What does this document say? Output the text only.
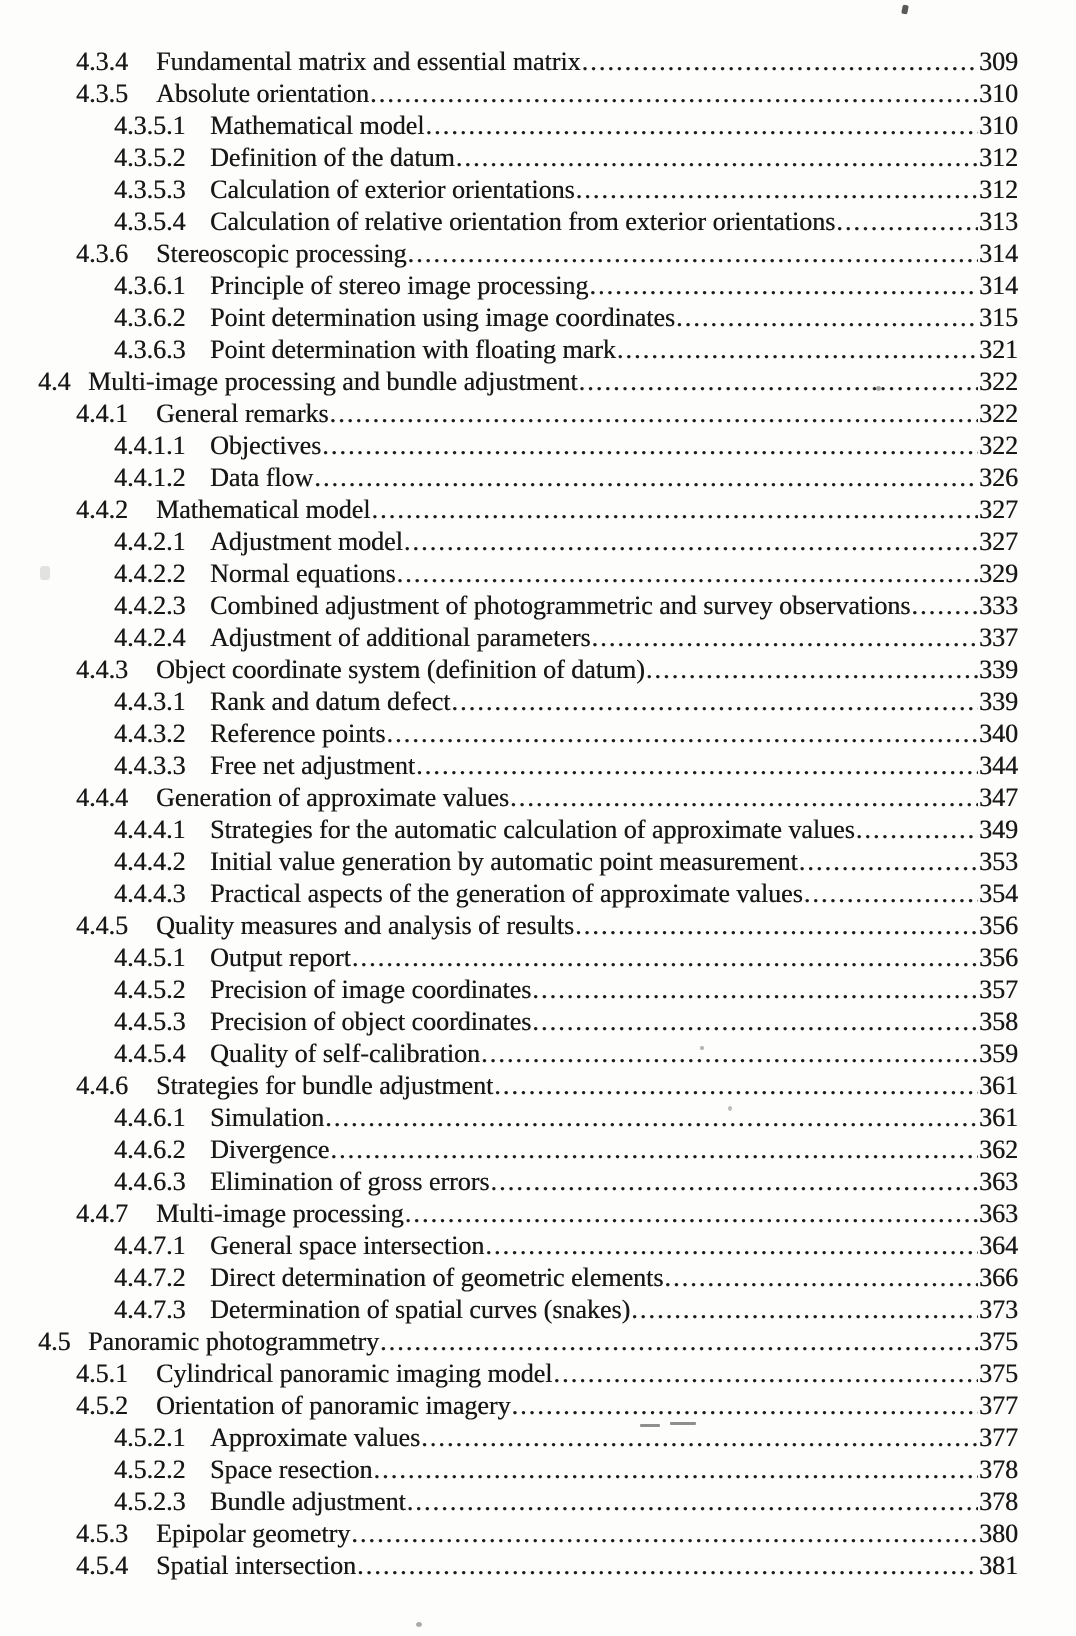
4.3.4	Fundamental matrix and essential matrix .....	309
4.3.5	Absolute orientation .....	310
4.3.5.1 Mathematical model .....	310
4.3.5.2 Definition of the datum .....	312
4.3.5.3 Calculation of exterior orientations .....	312
4.3.5.4 Calculation of relative orientation from exterior orientations .....	313
4.3.6	Stereoscopic processing .....	314
4.3.6.1 Principle of stereo image processing .....	314
4.3.6.2 Point determination using image coordinates .....	315
4.3.6.3 Point determination with floating mark .....	321
4.4 Multi-image processing and bundle adjustment .....	322
4.4.1	General remarks .....	322
4.4.1.1 Objectives .....	322
4.4.1.2 Data flow .....	326
4.4.2	Mathematical model .....	327
4.4.2.1 Adjustment model .....	327
4.4.2.2 Normal equations .....	329
4.4.2.3 Combined adjustment of photogrammetric and survey observations .....	333
4.4.2.4 Adjustment of additional parameters .....	337
4.4.3	Object coordinate system (definition of datum) .....	339
4.4.3.1 Rank and datum defect .....	339
4.4.3.2 Reference points .....	340
4.4.3.3 Free net adjustment .....	344
4.4.4	Generation of approximate values .....	347
4.4.4.1 Strategies for the automatic calculation of approximate values .....	349
4.4.4.2 Initial value generation by automatic point measurement .....	353
4.4.4.3 Practical aspects of the generation of approximate values .....	354
4.4.5	Quality measures and analysis of results .....	356
4.4.5.1 Output report .....	356
4.4.5.2 Precision of image coordinates .....	357
4.4.5.3 Precision of object coordinates .....	358
4.4.5.4 Quality of self-calibration .....	359
4.4.6	Strategies for bundle adjustment .....	361
4.4.6.1 Simulation .....	361
4.4.6.2 Divergence .....	362
4.4.6.3 Elimination of gross errors .....	363
4.4.7	Multi-image processing .....	363
4.4.7.1 General space intersection .....	364
4.4.7.2 Direct determination of geometric elements .....	366
4.4.7.3 Determination of spatial curves (snakes) .....	373
4.5 Panoramic photogrammetry .....	375
4.5.1	Cylindrical panoramic imaging model .....	375
4.5.2	Orientation of panoramic imagery .....	377
4.5.2.1 Approximate values .....	377
4.5.2.2 Space resection .....	378
4.5.2.3 Bundle adjustment .....	378
4.5.3	Epipolar geometry .....	380
4.5.4	Spatial intersection .....	381
